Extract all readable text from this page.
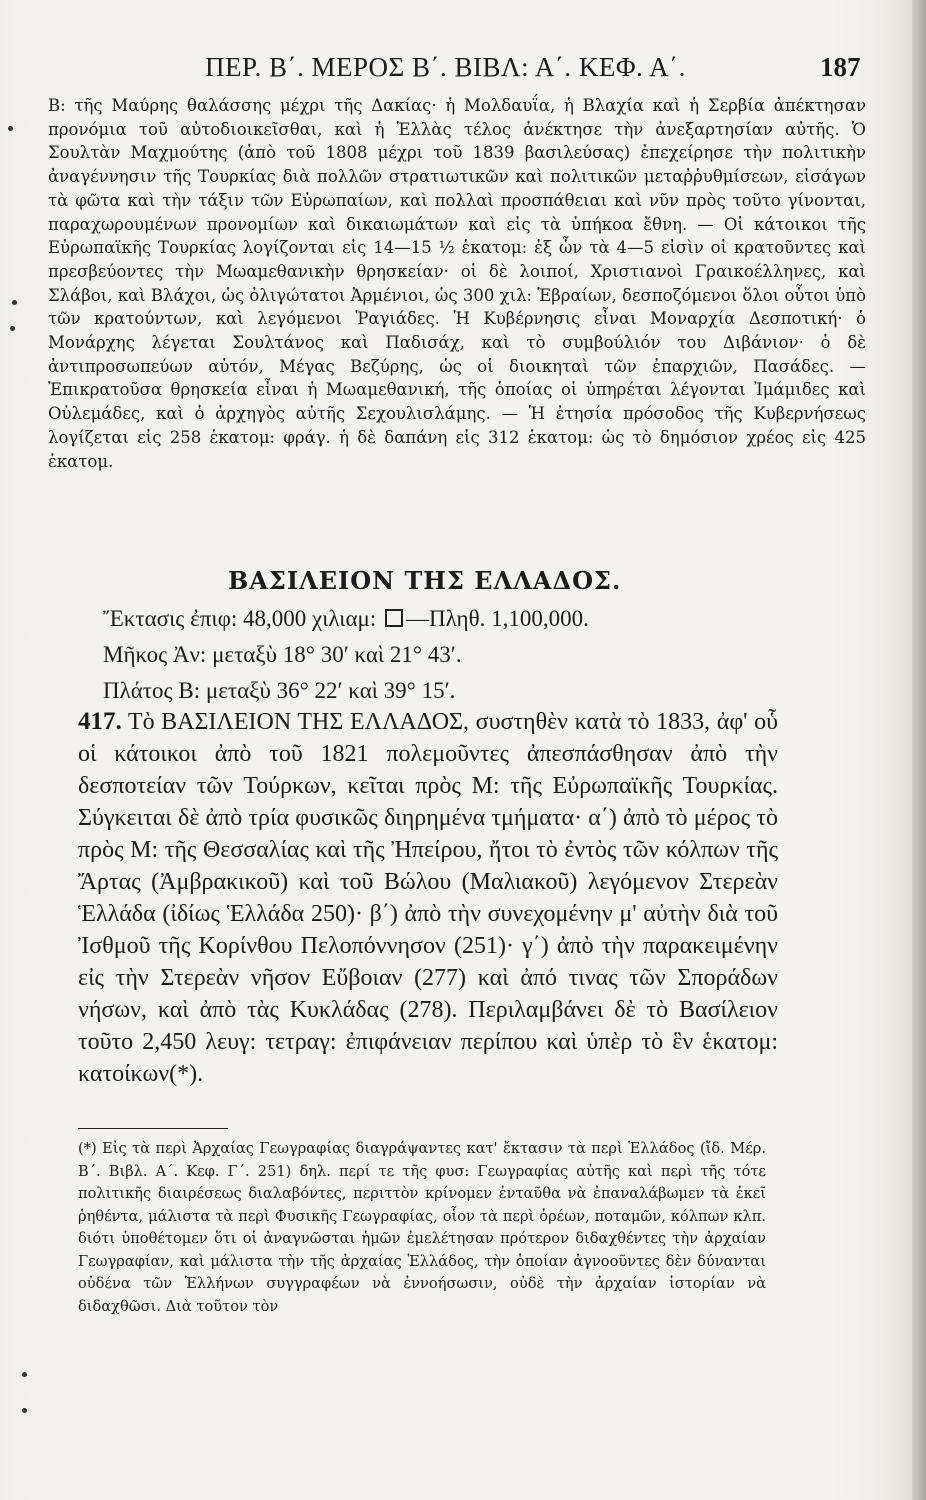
ΠΕΡ. Β΄. ΜΕΡΟΣ Β΄. ΒΙΒΛ: Α΄. ΚΕΦ. Α΄.	187

B: τῆς Μαύρης θαλάσσης μέχρι τῆς Δακίας· ἡ Μολδαυΐα, ἡ Βλαχία καὶ ἡ Σερβία ἀπέκτησαν προνόμια τοῦ αὐτοδιοικεῖσθαι, καὶ ἡ Ἑλλὰς τέλος ἀνέκτησε τὴν ἀνεξαρτησίαν αὐτῆς. Ὁ Σουλτὰν Μαχμούτης (ἀπὸ τοῦ 1808 μέχρι τοῦ 1839 βασιλεύσας) ἐπεχείρησε τὴν πολιτικὴν ἀναγέννησιν τῆς Τουρκίας διὰ πολλῶν στρατιωτικῶν καὶ πολιτικῶν μεταῤῥυθμίσεων, εἰσάγων τὰ φῶτα καὶ τὴν τάξιν τῶν Εὐρωπαίων, καὶ πολλαὶ προσπάθειαι καὶ νῦν πρὸς τοῦτο γίνονται, παραχωρουμένων προνομίων καὶ δικαιωμάτων καὶ εἰς τὰ ὑπήκοα ἔθνη. — Οἱ κάτοικοι τῆς Εὐρωπαϊκῆς Τουρκίας λογίζονται εἰς 14—15 ½ ἑκατομ: ἐξ ὧν τὰ 4—5 εἰσὶν οἱ κρατοῦντες καὶ πρεσβεύοντες τὴν Μωαμεθανικὴν θρησκείαν· οἱ δὲ λοιποί, Χριστιανοὶ Γραικοέλληνες, καὶ Σλάβοι, καὶ Βλάχοι, ὡς ὀλιγώτατοι Ἀρμένιοι, ὡς 300 χιλ: Ἑβραίων, δεσποζόμενοι ὅλοι οὗτοι ὑπὸ τῶν κρατούντων, καὶ λεγόμενοι Ῥαγιάδες. Ἡ Κυβέρνησις εἶναι Μοναρχία Δεσποτική· ὁ Μονάρχης λέγεται Σουλτάνος καὶ Παδισάχ, καὶ τὸ συμβούλιόν του Διβάνιον· ὁ δὲ ἀντιπροσωπεύων αὐτόν, Μέγας Βεζύρης, ὡς οἱ διοικηταὶ τῶν ἐπαρχιῶν, Πασάδες. — Ἐπικρατοῦσα θρησκεία εἶναι ἡ Μωαμεθανική, τῆς ὁποίας οἱ ὑπηρέται λέγονται Ἰμάμιδες καὶ Οὐλεμάδες, καὶ ὁ ἀρχηγὸς αὐτῆς Σεχουλισλάμης. — Ἡ ἐτησία πρόσοδος τῆς Κυβερνήσεως λογίζεται εἰς 258 ἑκατομ: φράγ. ἡ δὲ δαπάνη εἰς 312 ἑκατομ: ὡς τὸ δημόσιον χρέος εἰς 425 ἑκατομ.

ΒΑΣΙΛΕΙΟΝ ΤΗΣ ΕΛΛΑΔΟΣ.
Ἔκτασις ἐπιφ: 48,000 χιλιαμ: —Πληθ. 1,100,000.
Μῆκος Ἀν: μεταξὺ 18° 30′ καὶ 21° 43′.
Πλάτος Β: μεταξὺ 36° 22′ καὶ 39° 15′.

417. Τὸ ΒΑΣΙΛΕΙΟΝ ΤΗΣ ΕΛΛΑΔΟΣ, συστηθὲν κατὰ τὸ 1833, ἀφ' οὗ οἱ κάτοικοι ἀπὸ τοῦ 1821 πολεμοῦντες ἀπεσπάσθησαν ἀπὸ τὴν δεσποτείαν τῶν Τούρκων, κεῖται πρὸς Μ: τῆς Εὐρωπαϊκῆς Τουρκίας. Σύγκειται δὲ ἀπὸ τρία φυσικῶς διηρημένα τμήματα· α΄) ἀπὸ τὸ μέρος τὸ πρὸς Μ: τῆς Θεσσαλίας καὶ τῆς Ἠπείρου, ἤτοι τὸ ἐντὸς τῶν κόλπων τῆς Ἄρτας (Ἀμβρακικοῦ) καὶ τοῦ Βώλου (Μαλιακοῦ) λεγόμενον Στερεὰν Ἑλλάδα (ἰδίως Ἑλλάδα 250)· β΄) ἀπὸ τὴν συνεχομένην μ' αὐτὴν διὰ τοῦ Ἰσθμοῦ τῆς Κορίνθου Πελοπόννησον (251)· γ΄) ἀπὸ τὴν παρακειμένην εἰς τὴν Στερεὰν νῆσον Εὔβοιαν (277) καὶ ἀπό τινας τῶν Σποράδων νήσων, καὶ ἀπὸ τὰς Κυκλάδας (278). Περιλαμβάνει δὲ τὸ Βασίλειον τοῦτο 2,450 λευγ: τετραγ: ἐπιφάνειαν περίπου καὶ ὑπὲρ τὸ ἓν ἑκατομ: κατοίκων(*).

(*) Εἰς τὰ περὶ Ἀρχαίας Γεωγραφίας διαγράψαντες κατ' ἔκτασιν τὰ περὶ Ἑλλάδος (ἴδ. Μέρ. Β΄. Βιβλ. Α΄. Κεφ. Γ΄. 251) δηλ. περί τε τῆς φυσ: Γεωγραφίας αὐτῆς καὶ περὶ τῆς τότε πολιτικῆς διαιρέσεως διαλαβόντες, περιττὸν κρίνομεν ἐνταῦθα νὰ ἐπαναλάβωμεν τὰ ἐκεῖ ῥηθέντα, μάλιστα τὰ περὶ Φυσικῆς Γεωγραφίας, οἷον τὰ περὶ ὀρέων, ποταμῶν, κόλπων κλπ. διότι ὑποθέτομεν ὅτι οἱ ἀναγνῶσται ἡμῶν ἐμελέτησαν πρότερον διδαχθέντες τὴν ἀρχαίαν Γεωγραφίαν, καὶ μάλιστα τὴν τῆς ἀρχαίας Ἑλλάδος, τὴν ὁποίαν ἀγνοοῦντες δὲν δύνανται οὐδένα τῶν Ἑλλήνων συγγραφέων νὰ ἐννοήσωσιν, οὐδὲ τὴν ἀρχαίαν ἱστορίαν νὰ διδαχθῶσι. Διὰ τοῦτον τὸν
